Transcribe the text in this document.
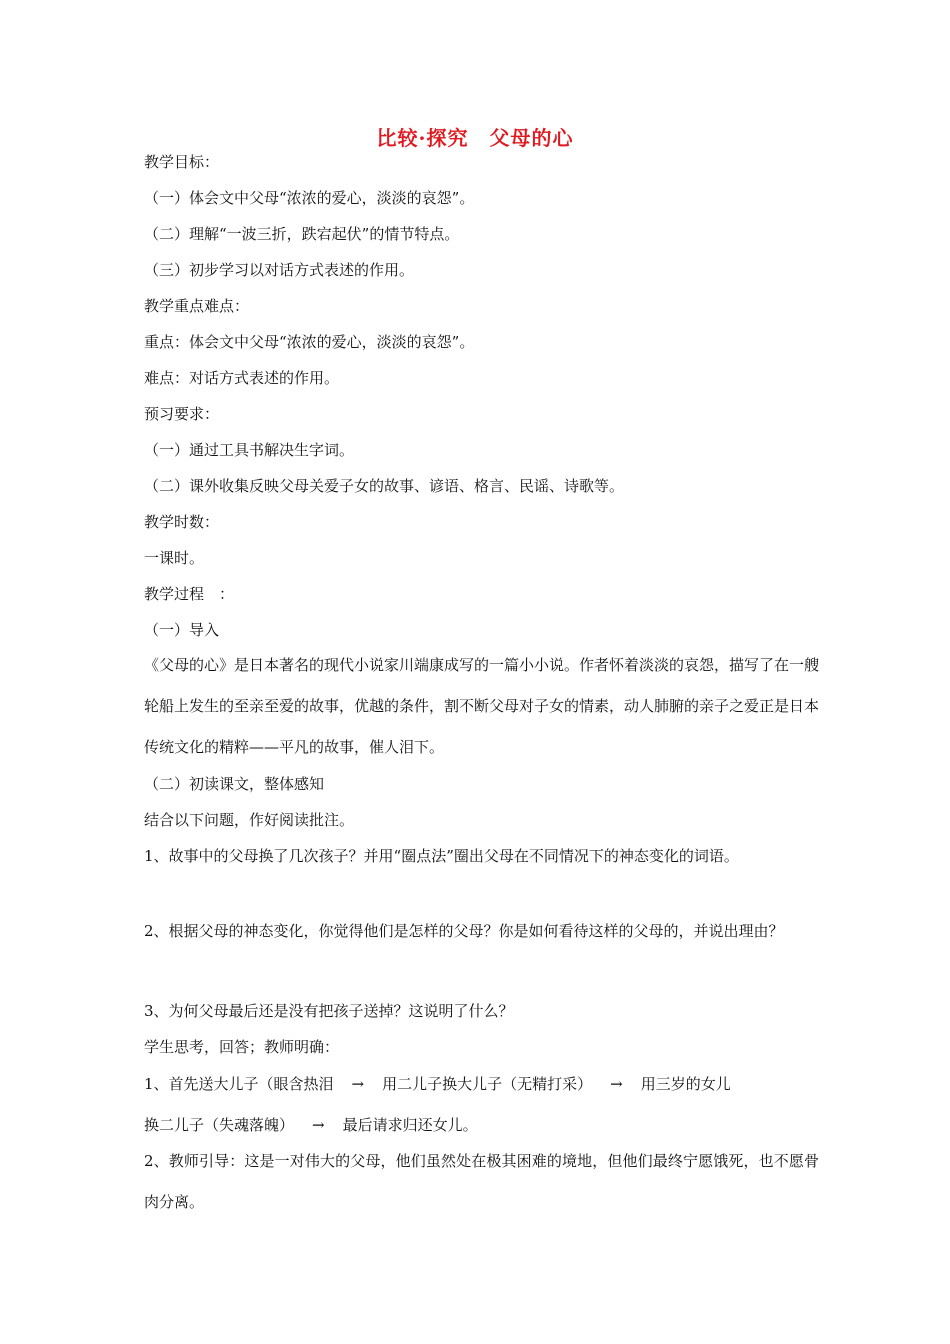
比较·探究　父母的心
教学目标：
（一）体会文中父母“浓浓的爱心，淡淡的哀怨”。
（二）理解“一波三折，跌宕起伏”的情节特点。
（三）初步学习以对话方式表述的作用。
教学重点难点：
重点：体会文中父母“浓浓的爱心，淡淡的哀怨”。
难点：对话方式表述的作用。
预习要求：
（一）通过工具书解决生字词。
（二）课外收集反映父母关爱子女的故事、谚语、格言、民谣、诗歌等。
教学时数：
一课时。
教学过程　：
（一）导入
《父母的心》是日本著名的现代小说家川端康成写的一篇小小说。作者怀着淡淡的哀怨，描写了在一艘轮船上发生的至亲至爱的故事，优越的条件，割不断父母对子女的情素，动人肺腑的亲子之爱正是日本传统文化的精粹——平凡的故事，催人泪下。
（二）初读课文，整体感知
结合以下问题，作好阅读批注。
1、故事中的父母换了几次孩子？并用“圈点法”圈出父母在不同情况下的神态变化的词语。
2、根据父母的神态变化，你觉得他们是怎样的父母？你是如何看待这样的父母的，并说出理由？
3、为何父母最后还是没有把孩子送掉？这说明了什么？
学生思考，回答；教师明确：
1、首先送大儿子（眼含热泪 → 用二儿子换大儿子（无精打采） → 用三岁的女儿
换二儿子（失魂落魄） → 最后请求归还女儿。
2、教师引导：这是一对伟大的父母，他们虽然处在极其困难的境地，但他们最终宁愿饿死，也不愿骨肉分离。
